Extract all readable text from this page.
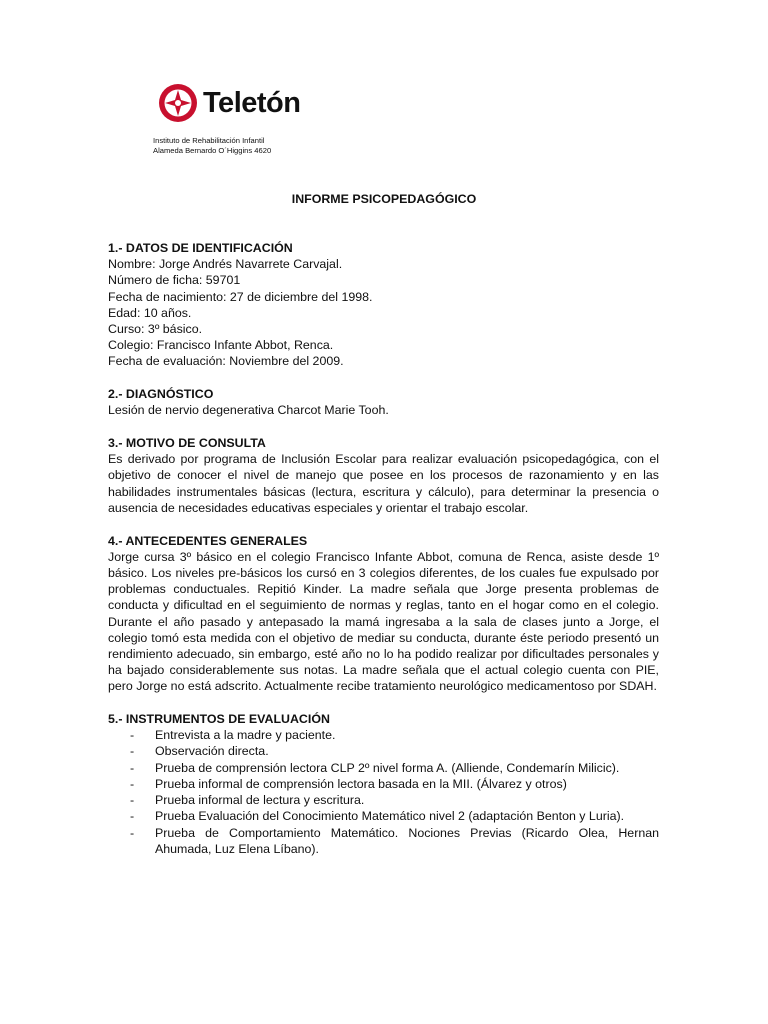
Teletón
Instituto de Rehabilitación Infantil
Alameda Bernardo O´Higgins 4620
INFORME PSICOPEDAGÓGICO

1.- DATOS DE IDENTIFICACIÓN

Nombre: Jorge Andrés Navarrete Carvajal.

Número de ficha: 59701

Fecha de nacimiento: 27 de diciembre del 1998.

Edad: 10 años.

Curso: 3º básico.

Colegio: Francisco Infante Abbot, Renca.

Fecha de evaluación: Noviembre del 2009.

2.- DIAGNÓSTICO

Lesión de nervio degenerativa Charcot Marie Tooh.

3.- MOTIVO DE CONSULTA

Es derivado por programa de Inclusión Escolar para realizar evaluación psicopedagógica, con el objetivo de conocer el nivel de manejo que posee en los procesos de razonamiento y en las habilidades instrumentales básicas (lectura, escritura y cálculo), para determinar la presencia o ausencia de necesidades educativas especiales y orientar el trabajo escolar.

4.- ANTECEDENTES GENERALES

Jorge cursa 3º básico en el colegio Francisco Infante Abbot, comuna de Renca, asiste desde 1º básico. Los niveles pre-básicos los cursó en 3 colegios diferentes, de los cuales fue expulsado por problemas conductuales. Repitió Kinder. La madre señala que Jorge presenta problemas de conducta y dificultad en el seguimiento de normas y reglas, tanto en el hogar como en el colegio. Durante el año pasado y antepasado la mamá ingresaba a la sala de clases junto a Jorge, el colegio tomó esta medida con el objetivo de mediar su conducta, durante éste periodo presentó un rendimiento adecuado, sin embargo, esté año no lo ha podido realizar por dificultades personales y ha bajado considerablemente sus notas. La madre señala que el actual colegio cuenta con PIE, pero Jorge no está adscrito. Actualmente recibe tratamiento neurológico medicamentoso por SDAH.

5.- INSTRUMENTOS DE EVALUACIÓN

-	Entrevista a la madre y paciente.
-	Observación directa.
-	Prueba de comprensión lectora CLP 2º nivel forma A. (Alliende, Condemarín Milicic).
-	Prueba informal de comprensión lectora basada en la MII. (Álvarez y otros)
-	Prueba informal de lectura y escritura.
-	Prueba Evaluación del Conocimiento Matemático nivel 2 (adaptación Benton y Luria).
-	Prueba de Comportamiento Matemático. Nociones Previas (Ricardo Olea, Hernan Ahumada, Luz Elena Líbano).
